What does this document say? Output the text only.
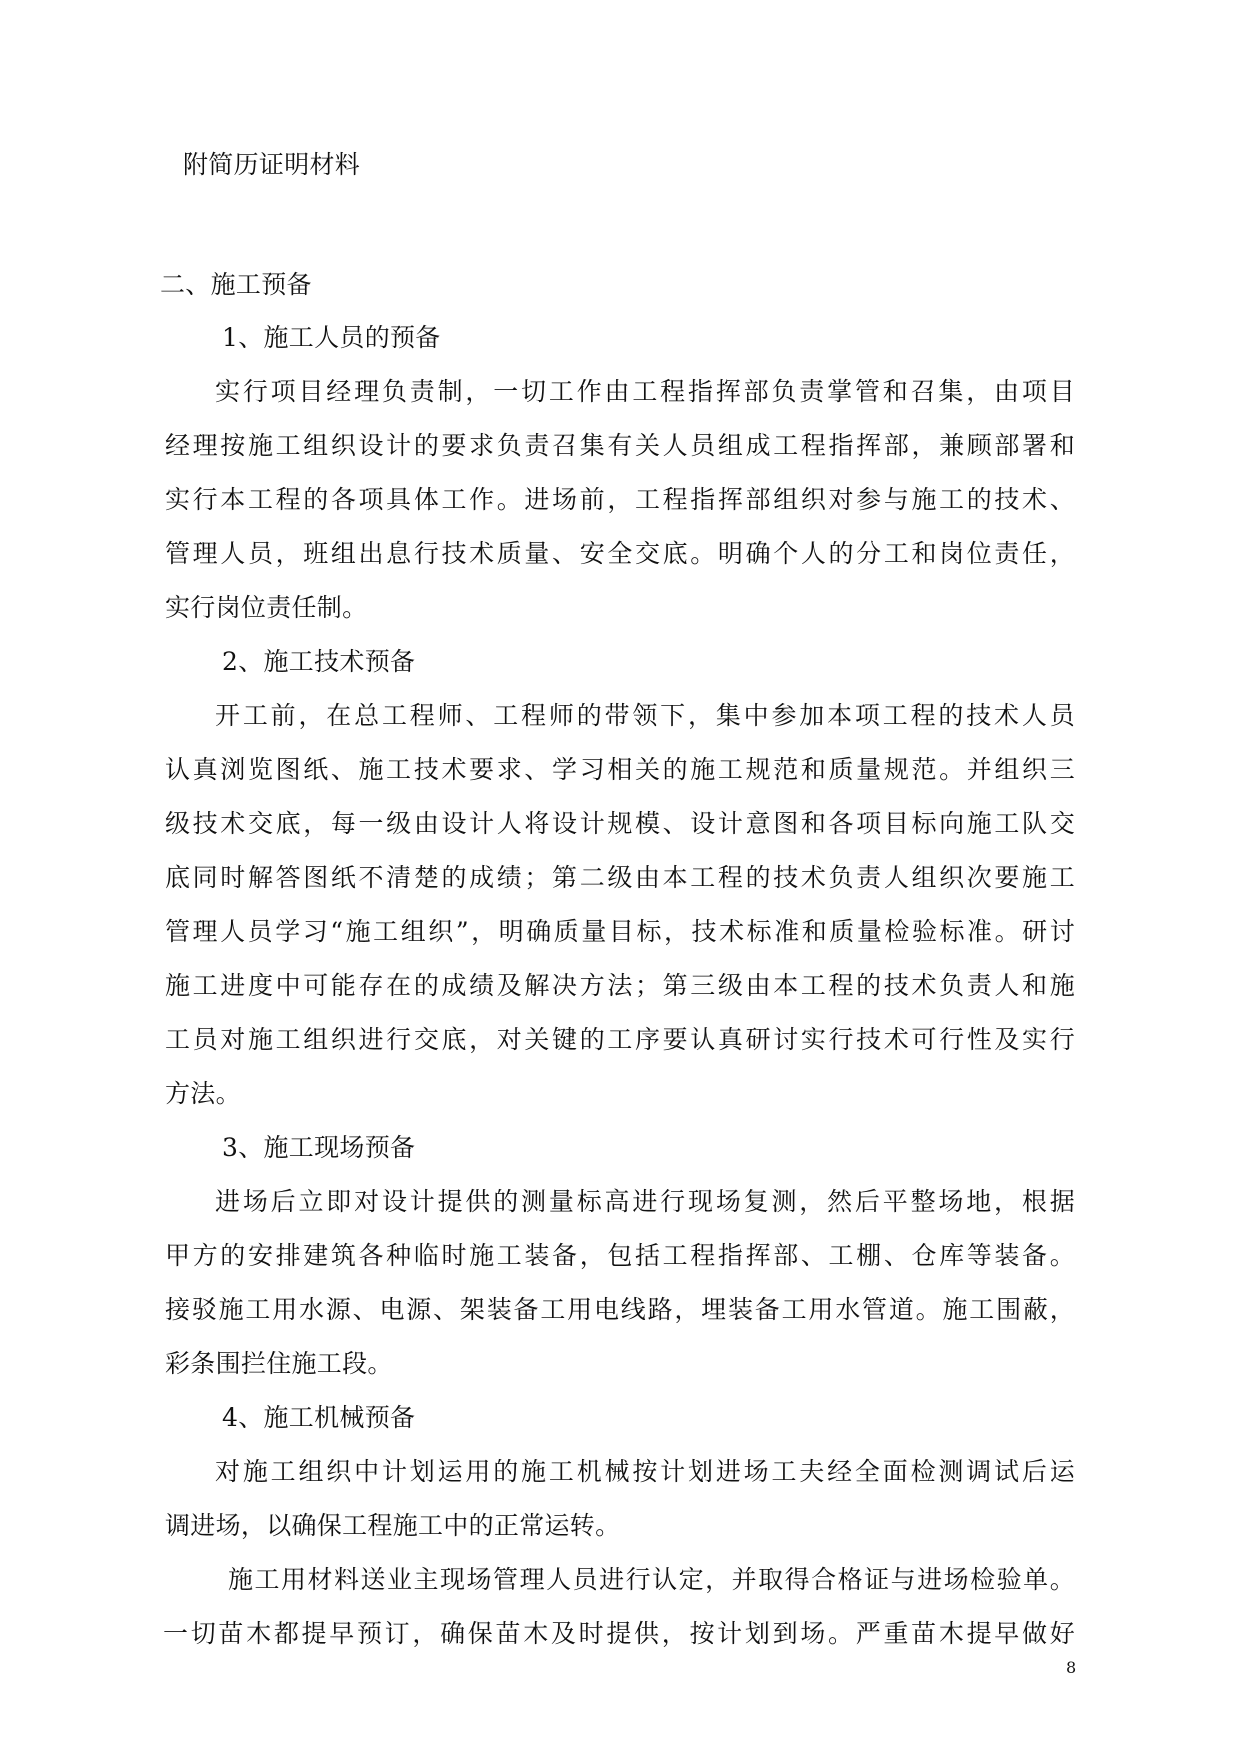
附简历证明材料
二、施工预备
1、施工人员的预备
实行项目经理负责制，一切工作由工程指挥部负责掌管和召集，由项目
经理按施工组织设计的要求负责召集有关人员组成工程指挥部，兼顾部署和
实行本工程的各项具体工作。进场前，工程指挥部组织对参与施工的技术、
管理人员，班组出息行技术质量、安全交底。明确个人的分工和岗位责任，
实行岗位责任制。
2、施工技术预备
开工前，在总工程师、工程师的带领下，集中参加本项工程的技术人员
认真浏览图纸、施工技术要求、学习相关的施工规范和质量规范。并组织三
级技术交底，每一级由设计人将设计规模、设计意图和各项目标向施工队交
底同时解答图纸不清楚的成绩；第二级由本工程的技术负责人组织次要施工
管理人员学习“施工组织”，明确质量目标，技术标准和质量检验标准。研讨
施工进度中可能存在的成绩及解决方法；第三级由本工程的技术负责人和施
工员对施工组织进行交底，对关键的工序要认真研讨实行技术可行性及实行
方法。
3、施工现场预备
进场后立即对设计提供的测量标高进行现场复测，然后平整场地，根据
甲方的安排建筑各种临时施工装备，包括工程指挥部、工棚、仓库等装备。
接驳施工用水源、电源、架装备工用电线路，埋装备工用水管道。施工围蔽，
彩条围拦住施工段。
4、施工机械预备
对施工组织中计划运用的施工机械按计划进场工夫经全面检测调试后运
调进场，以确保工程施工中的正常运转。
施工用材料送业主现场管理人员进行认定，并取得合格证与进场检验单。
一切苗木都提早预订，确保苗木及时提供，按计划到场。严重苗木提早做好
8
